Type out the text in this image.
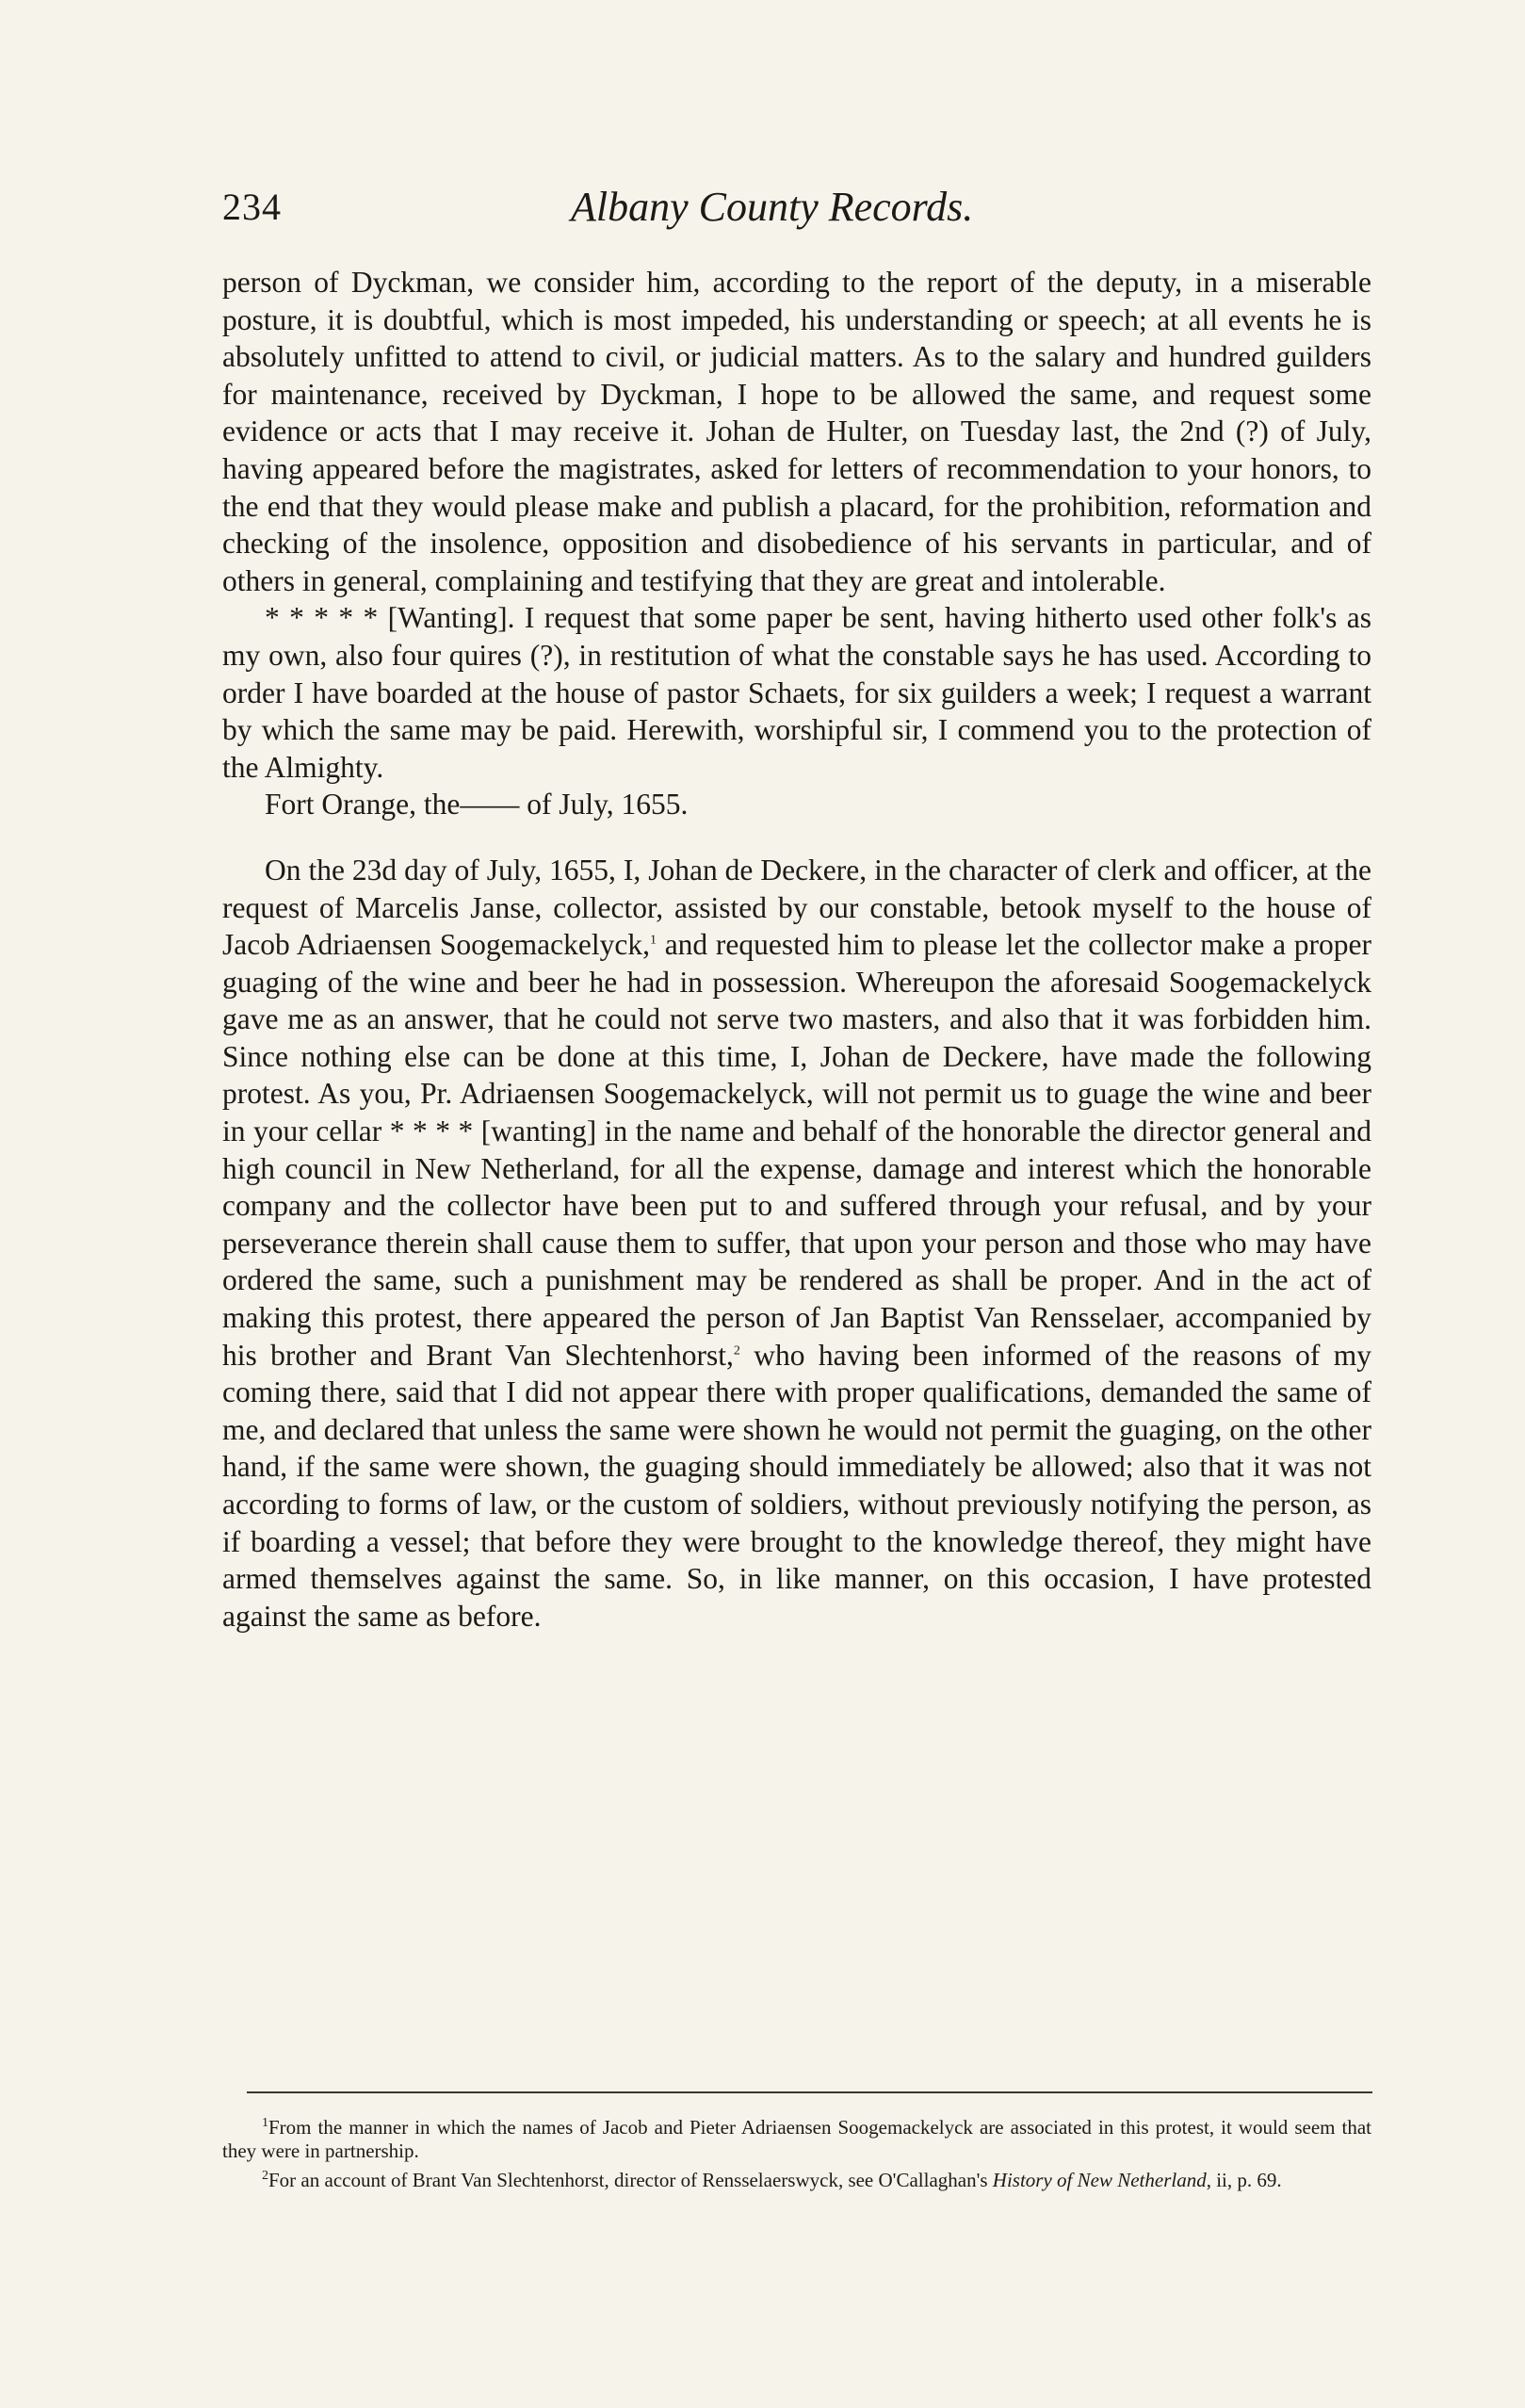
234	Albany County Records.

person of Dyckman, we consider him, according to the report of the deputy, in a miserable posture, it is doubtful, which is most impeded, his understanding or speech; at all events he is absolutely unfitted to attend to civil, or judicial matters. As to the salary and hundred guilders for maintenance, received by Dyckman, I hope to be allowed the same, and request some evidence or acts that I may receive it. Johan de Hulter, on Tuesday last, the 2nd (?) of July, having appeared before the magistrates, asked for letters of recommendation to your honors, to the end that they would please make and publish a placard, for the prohibition, reformation and checking of the insolence, opposition and disobedience of his servants in particular, and of others in general, complaining and testifying that they are great and intolerable.

* * * * * [Wanting]. I request that some paper be sent, having hitherto used other folk's as my own, also four quires (?), in restitution of what the constable says he has used. According to order I have boarded at the house of pastor Schaets, for six guilders a week; I request a warrant by which the same may be paid. Herewith, worshipful sir, I commend you to the protection of the Almighty.

Fort Orange, the—— of July, 1655.

On the 23d day of July, 1655, I, Johan de Deckere, in the character of clerk and officer, at the request of Marcelis Janse, collector, assisted by our constable, betook myself to the house of Jacob Adriaensen Soogemackelyck,$^1$ and requested him to please let the collector make a proper guaging of the wine and beer he had in possession. Whereupon the aforesaid Soogemackelyck gave me as an answer, that he could not serve two masters, and also that it was forbidden him. Since nothing else can be done at this time, I, Johan de Deckere, have made the following protest. As you, Pr. Adriaensen Soogemackelyck, will not permit us to guage the wine and beer in your cellar * * * * [wanting] in the name and behalf of the honorable the director general and high council in New Netherland, for all the expense, damage and interest which the honorable company and the collector have been put to and suffered through your refusal, and by your perseverance therein shall cause them to suffer, that upon your person and those who may have ordered the same, such a punishment may be rendered as shall be proper. And in the act of making this protest, there appeared the person of Jan Baptist Van Rensselaer, accompanied by his brother and Brant Van Slechtenhorst,$^2$ who having been informed of the reasons of my coming there, said that I did not appear there with proper qualifications, demanded the same of me, and declared that unless the same were shown he would not permit the guaging, on the other hand, if the same were shown, the guaging should immediately be allowed; also that it was not according to forms of law, or the custom of soldiers, without previously notifying the person, as if boarding a vessel; that before they were brought to the knowledge thereof, they might have armed themselves against the same. So, in like manner, on this occasion, I have protested against the same as before.

$^1$From the manner in which the names of Jacob and Pieter Adriaensen Soogemackelyck are associated in this protest, it would seem that they were in partnership.

$^2$For an account of Brant Van Slechtenhorst, director of Rensselaerswyck, see O'Callaghan's History of New Netherland, ii, p. 69.
